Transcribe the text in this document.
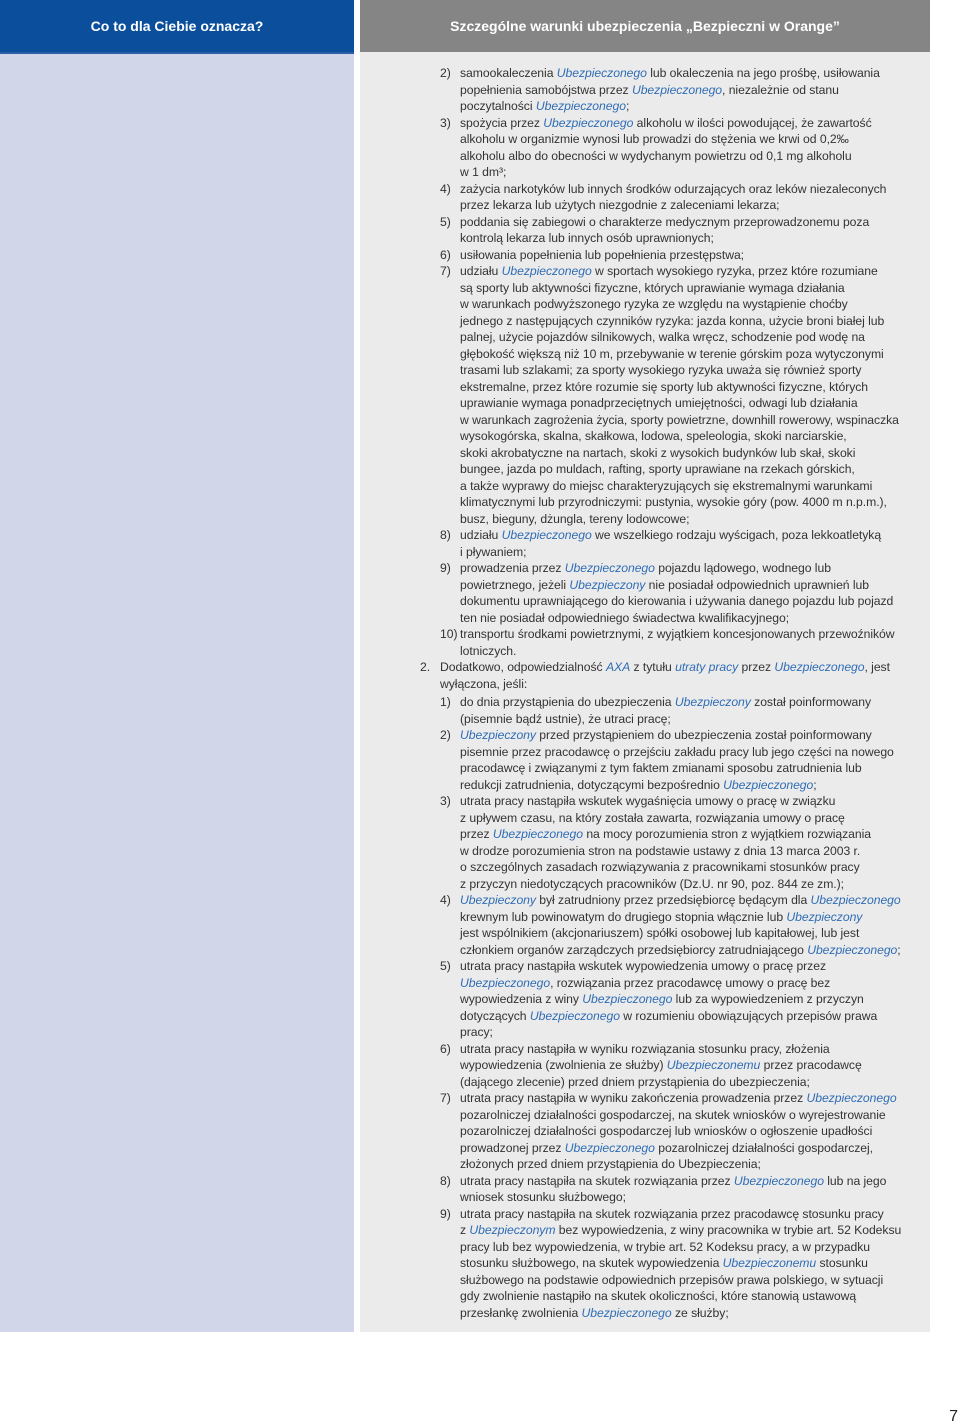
Co to dla Ciebie oznacza?	Szczególne warunki ubezpieczenia „Bezpieczni w Orange”
2) samookaleczenia Ubezpieczonego lub okaleczenia na jego prośbę, usiłowania
popełnienia samobójstwa przez Ubezpieczonego, niezależnie od stanu
poczytalności Ubezpieczonego;
3) spożycia przez Ubezpieczonego alkoholu w ilości powodującej, że zawartość
alkoholu w organizmie wynosi lub prowadzi do stężenia we krwi od 0,2‰
alkoholu albo do obecności w wydychanym powietrzu od 0,1 mg alkoholu
w 1 dm³;
4) zażycia narkotyków lub innych środków odurzających oraz leków niezaleconych
przez lekarza lub użytych niezgodnie z zaleceniami lekarza;
5) poddania się zabiegowi o charakterze medycznym przeprowadzonemu poza
kontrolą lekarza lub innych osób uprawnionych;
6) usiłowania popełnienia lub popełnienia przestępstwa;
7) udziału Ubezpieczonego w sportach wysokiego ryzyka, przez które rozumiane
są sporty lub aktywności fizyczne, których uprawianie wymaga działania
w warunkach podwyższonego ryzyka ze względu na wystąpienie choćby
jednego z następujących czynników ryzyka: jazda konna, użycie broni białej lub
palnej, użycie pojazdów silnikowych, walka wręcz, schodzenie pod wodę na
głębokość większą niż 10 m, przebywanie w terenie górskim poza wytyczonymi
trasami lub szlakami; za sporty wysokiego ryzyka uważa się również sporty
ekstremalne, przez które rozumie się sporty lub aktywności fizyczne, których
uprawianie wymaga ponadprzeciętnych umiejętności, odwagi lub działania
w warunkach zagrożenia życia, sporty powietrzne, downhill rowerowy, wspinaczka
wysokogórska, skalna, skałkowa, lodowa, speleologia, skoki narciarskie,
skoki akrobatyczne na nartach, skoki z wysokich budynków lub skał, skoki
bungee, jazda po muldach, rafting, sporty uprawiane na rzekach górskich,
a także wyprawy do miejsc charakteryzujących się ekstremalnymi warunkami
klimatycznymi lub przyrodniczymi: pustynia, wysokie góry (pow. 4000 m n.p.m.),
busz, bieguny, dżungla, tereny lodowcowe;
8) udziału Ubezpieczonego we wszelkiego rodzaju wyścigach, poza lekkoatletyką
i pływaniem;
9) prowadzenia przez Ubezpieczonego pojazdu lądowego, wodnego lub
powietrznego, jeżeli Ubezpieczony nie posiadał odpowiednich uprawnień lub
dokumentu uprawniającego do kierowania i używania danego pojazdu lub pojazd
ten nie posiadał odpowiedniego świadectwa kwalifikacyjnego;
10) transportu środkami powietrznymi, z wyjątkiem koncesjonowanych przewoźników
lotniczych.
2. Dodatkowo, odpowiedzialność AXA z tytułu utraty pracy przez Ubezpieczonego, jest
wyłączona, jeśli:
1) do dnia przystąpienia do ubezpieczenia Ubezpieczony został poinformowany
(pisemnie bądź ustnie), że utraci pracę;
2) Ubezpieczony przed przystąpieniem do ubezpieczenia został poinformowany
pisemnie przez pracodawcę o przejściu zakładu pracy lub jego części na nowego
pracodawcę i związanymi z tym faktem zmianami sposobu zatrudnienia lub
redukcji zatrudnienia, dotyczącymi bezpośrednio Ubezpieczonego;
3) utrata pracy nastąpiła wskutek wygaśnięcia umowy o pracę w związku
z upływem czasu, na który została zawarta, rozwiązania umowy o pracę
przez Ubezpieczonego na mocy porozumienia stron z wyjątkiem rozwiązania
w drodze porozumienia stron na podstawie ustawy z dnia 13 marca 2003 r.
o szczególnych zasadach rozwiązywania z pracownikami stosunków pracy
z przyczyn niedotyczących pracowników (Dz.U. nr 90, poz. 844 ze zm.);
4) Ubezpieczony był zatrudniony przez przedsiębiorcę będącym dla Ubezpieczonego
krewnym lub powinowatym do drugiego stopnia włącznie lub Ubezpieczony
jest wspólnikiem (akcjonariuszem) spółki osobowej lub kapitałowej, lub jest
członkiem organów zarządczych przedsiębiorcy zatrudniającego Ubezpieczonego;
5) utrata pracy nastąpiła wskutek wypowiedzenia umowy o pracę przez
Ubezpieczonego, rozwiązania przez pracodawcę umowy o pracę bez
wypowiedzenia z winy Ubezpieczonego lub za wypowiedzeniem z przyczyn
dotyczących Ubezpieczonego w rozumieniu obowiązujących przepisów prawa
pracy;
6) utrata pracy nastąpiła w wyniku rozwiązania stosunku pracy, złożenia
wypowiedzenia (zwolnienia ze służby) Ubezpieczonemu przez pracodawcę
(dającego zlecenie) przed dniem przystąpienia do ubezpieczenia;
7) utrata pracy nastąpiła w wyniku zakończenia prowadzenia przez Ubezpieczonego
pozarolniczej działalności gospodarczej, na skutek wniosków o wyrejestrowanie
pozarolniczej działalności gospodarczej lub wniosków o ogłoszenie upadłości
prowadzonej przez Ubezpieczonego pozarolniczej działalności gospodarczej,
złożonych przed dniem przystąpienia do Ubezpieczenia;
8) utrata pracy nastąpiła na skutek rozwiązania przez Ubezpieczonego lub na jego
wniosek stosunku służbowego;
9) utrata pracy nastąpiła na skutek rozwiązania przez pracodawcę stosunku pracy
z Ubezpieczonym bez wypowiedzenia, z winy pracownika w trybie art. 52 Kodeksu
pracy lub bez wypowiedzenia, w trybie art. 52 Kodeksu pracy, a w przypadku
stosunku służbowego, na skutek wypowiedzenia Ubezpieczonemu stosunku
służbowego na podstawie odpowiednich przepisów prawa polskiego, w sytuacji
gdy zwolnienie nastąpiło na skutek okoliczności, które stanowią ustawową
przesłankę zwolnienia Ubezpieczonego ze służby;
7
